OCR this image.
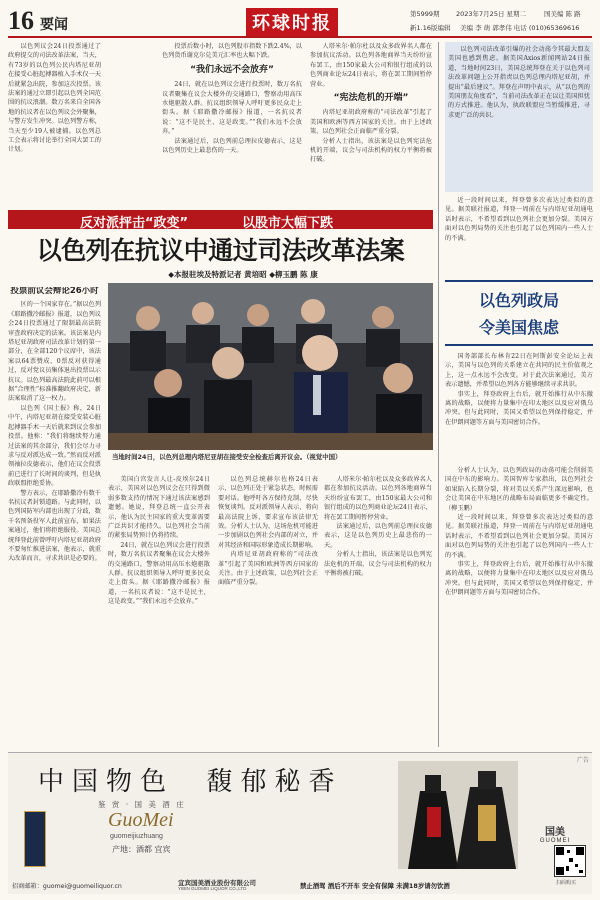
16 要闻	环球时报	第5999期	2023年7月25日 星期二	国美编 陈 路
新1.16版编辑 美编 李 萌 郭孝伟 电话 (010)65369616

以色列议会24日投票通过了政府提交的司法改革法案，当天，有73岁的以色列公民内塔尼亚胡在接受心脏起搏器植入手术仅一天后就紧急出院，参加这次投票。该法案的通过立即引起以色列全国范围的抗议浪潮。数万名来自全国各地的抗议者在以色列议会外聚集，与警方发生冲突。以色列警方称，当天至少19人被逮捕。以色列总工会表示将讨论举行全国大罢工的计划。

投票后数小时，以色列股市指数下跌2.4%，以色列货币谢克尔兑美元汇率也大幅下跌。

“我们永远不会放弃”

24日，就在以色列议会进行投票时，数万名抗议者聚集在议会大楼外的交通路口，警察动用高压水炮驱散人群。抗议组织领导人呼吁更多民众走上街头。据《耶路撒冷邮报》报道，一名抗议者说：“这不是民主，这是政变。”“我们永远不会放弃。”

法案通过后，以色列前总理拉皮德表示，这是以色列历史上最悲伤的一天。

人塔米尔·帕尔杜以及众多政界名人都在参加抗议活动。以色列各地商界当天纷纷宣布罢工，由150家最大公司和银行组成的以色列商业论坛24日表示，将在罢工期间暂停营业。

“宪法危机的开端”

内塔尼亚胡政府称的“司法改革”引起了美国和欧洲等西方国家的关注。由于上述政策，以色列社会正面临严重分裂。

分析人士指出，该法案是以色列宪法危机的开端，议会与司法机构的权力平衡将被打破。

反对派抨击“政变”	以股市大幅下跌
以色列在抗议中通过司法改革法案
◆本报驻埃及特派记者 黄培昭 ◆柳玉鹏 陈 康
投票前议会辩论26小时

区的一个国家存在。”据以色列《耶路撒冷邮报》报道，以色列议会24日投票通过了限制最高法院审查政府决定的法案。该法案是内塔尼亚胡政府司法改革计划的第一部分，在全部120个议席中，该法案以64票赞成、0票反对获得通过，反对党议员集体退出投票以示抗议。以色列最高法院此前可以根据“合理性”标准推翻政府决定，新法案取消了这一权力。

以色列《国土报》称，24日中午，内塔尼亚胡在接受安装心脏起搏器手术一天后就来到议会参加投票。他称：“我们将继续努力通过法案的其余部分，我们会尽力寻求与反对派达成一致。”然而反对派领袖拉皮德表示，他们在议会投票前已进行了长时间的谈判，但是执政联盟拒绝妥协。

警方表示，在耶路撒冷有数千名抗议者封锁道路。与此同时，以色列国防军内部也出现了分歧，数千名预备役军人此前宣布，如果法案通过，他们将拒绝服役。美国总统拜登此前曾呼吁内塔尼亚胡政府不要匆忙推进法案，他表示，就重大改革而言，寻求共识是必要的。

当地时间24日，以色列总理内塔尼亚胡在接受安全检查后离开议会。（视觉中国）

美国白宫发言人让-皮埃尔24日表示，美国对以色列议会在只得到微弱多数支持的情况下通过该法案感到遗憾。她说，拜登总统一直公开表示，他认为民主国家的重大变革需要广泛共识才能持久。以色列社会当前的紧张局势预计仍将持续。

24日，就在以色列议会进行投票时，数万名抗议者聚集在议会大楼外的交通路口，警察动用高压水炮驱散人群。抗议组织领导人呼吁更多民众走上街头。据《耶路撒冷邮报》报道，一名抗议者说：“这不是民主，这是政变。”“我们永远不会放弃。”

以色列总统赫尔佐格24日表示，以色列正处于紧急状态，时候需要对话。他呼吁各方保持克制，尽快恢复谈判。反对派领导人表示，将向最高法院上诉，要求宣布该法律无效。分析人士认为，这场危机可能进一步加剧以色列社会内部的对立，并对其经济和国际形象造成长期影响。

内塔尼亚胡政府称的“司法改革”引起了美国和欧洲等西方国家的关注。由于上述政策，以色列社会正面临严重分裂。

人塔米尔·帕尔杜以及众多政界名人都在参加抗议活动。以色列各地商界当天纷纷宣布罢工，由150家最大公司和银行组成的以色列商业论坛24日表示，将在罢工期间暂停营业。

法案通过后，以色列前总理拉皮德表示，这是以色列历史上最悲伤的一天。

分析人士指出，该法案是以色列宪法危机的开端，议会与司法机构的权力平衡将被打破。

以色列司法改革引爆的社会动荡令其最大盟友美国也感到焦虑。据美国Axios新闻网站24日报道，当地时间23日，美国总统拜登在关于以色列司法改革问题上公开指责以色列总理内塔尼亚胡，并提出“最后建议”。拜登在声明中表示，从“以色列的美国朋友角度看”，当前司法改革正在以让美国担忧的方式推进。他认为，执政联盟应当暂缓推进，寻求更广泛的共识。

近一段时间以来，拜登曾多次表达过类似的意见。据美联社报道，拜登一周前在与内塔尼亚胡通电话时表示，不希望看到以色列社会更加分裂。美国方面对以色列局势的关注也引起了以色列国内一些人士的不满。

以色列政局
令美国焦虑

国务部部长布林肯22日在阿斯彭安全论坛上表示，美国与以色列的关系建立在共同的民主价值观之上，这一点永远不会改变。对于此次法案通过，美方表示遗憾，并希望以色列各方能够继续寻求共识。

事实上，拜登政府上台后，就开始推行从中东撤离的战略，以便将力量集中在印太地区以及应对俄乌冲突。但与此同时，美国又希望以色列保持稳定，并在伊朗问题等方面与美国密切合作。

分析人士认为，以色列政局的动荡可能会削弱美国在中东的影响力。美国智库专家指出，以色列社会如果陷入长期分裂，将对美以关系产生深远影响，也会让美国在中东地区的战略布局面临更多不确定性。（柳玉鹏）

近一段时间以来，拜登曾多次表达过类似的意见。据美联社报道，拜登一周前在与内塔尼亚胡通电话时表示，不希望看到以色列社会更加分裂。美国方面对以色列局势的关注也引起了以色列国内一些人士的不满。

事实上，拜登政府上台后，就开始推行从中东撤离的战略，以便将力量集中在印太地区以及应对俄乌冲突。但与此同时，美国又希望以色列保持稳定，并在伊朗问题等方面与美国密切合作。

广告
中国物色  馥郁秘香
鉴 赏 · 国 美 酒 庄
GuoMei
guomeijiuzhuang
产地：酒都 宜宾
国美
GUOMEI
扫码购买
招商邮箱：guomei@guomeiliquor.cn	宜宾国美酒业股份有限公司
YIBIN GUOMEI LIQUOR CO.,LTD	禁止酒驾 酒后不开车 安全有保障 未满18岁请勿饮酒
